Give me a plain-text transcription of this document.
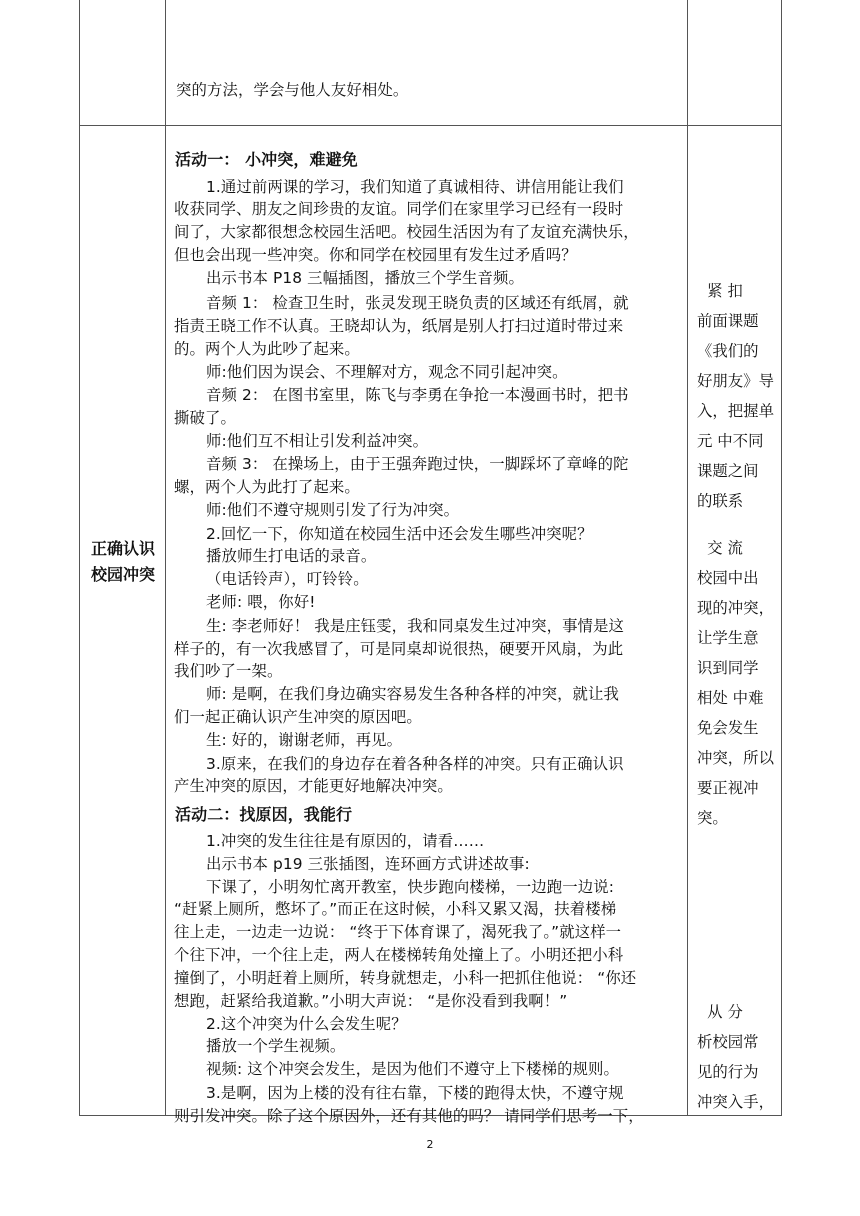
突的方法，学会与他人友好相处。
正确认识
校园冲突
活动一： 小冲突，难避免
1.通过前两课的学习，我们知道了真诚相待、讲信用能让我们
收获同学、朋友之间珍贵的友谊。同学们在家里学习已经有一段时
间了，大家都很想念校园生活吧。校园生活因为有了友谊充满快乐，
但也会出现一些冲突。你和同学在校园里有发生过矛盾吗？
出示书本 P18 三幅插图，播放三个学生音频。
音频 1： 检查卫生时，张灵发现王晓负责的区域还有纸屑，就
指责王晓工作不认真。王晓却认为，纸屑是别人打扫过道时带过来
的。两个人为此吵了起来。
师:他们因为误会、不理解对方，观念不同引起冲突。
音频 2： 在图书室里，陈飞与李勇在争抢一本漫画书时，把书
撕破了。
师:他们互不相让引发利益冲突。
音频 3： 在操场上，由于王强奔跑过快，一脚踩坏了章峰的陀
螺，两个人为此打了起来。
师:他们不遵守规则引发了行为冲突。
2.回忆一下，你知道在校园生活中还会发生哪些冲突呢？
播放师生打电话的录音。
（电话铃声），叮铃铃。
老师: 喂，你好!
生: 李老师好！ 我是庄钰雯，我和同桌发生过冲突，事情是这
样子的，有一次我感冒了，可是同桌却说很热，硬要开风扇，为此
我们吵了一架。
师: 是啊，在我们身边确实容易发生各种各样的冲突，就让我
们一起正确认识产生冲突的原因吧。
生: 好的，谢谢老师，再见。
3.原来，在我们的身边存在着各种各样的冲突。只有正确认识
产生冲突的原因，才能更好地解决冲突。
活动二：找原因，我能行
1.冲突的发生往往是有原因的，请看……
出示书本 p19 三张插图，连环画方式讲述故事:
下课了，小明匆忙离开教室，快步跑向楼梯，一边跑一边说:
“赶紧上厕所，憋坏了。”而正在这时候，小科又累又渴，扶着楼梯
往上走，一边走一边说： “终于下体育课了，渴死我了。”就这样一
个往下冲，一个往上走，两人在楼梯转角处撞上了。小明还把小科
撞倒了，小明赶着上厕所，转身就想走，小科一把抓住他说： “你还
想跑，赶紧给我道歉。”小明大声说： “是你没看到我啊！”
2.这个冲突为什么会发生呢？
播放一个学生视频。
视频: 这个冲突会发生，是因为他们不遵守上下楼梯的规则。
3.是啊，因为上楼的没有往右靠，下楼的跑得太快，不遵守规
则引发冲突。除了这个原因外，还有其他的吗？ 请同学们思考一下，
紧 扣
前面课题
《我们的
好朋友》导
入，把握单
元 中不同
课题之间
的联系
交 流
校园中出
现的冲突，
让学生意
识到同学
相处 中难
免会发生
冲突，所以
要正视冲
突。
从 分
析校园常
见的行为
冲突入手，
2
